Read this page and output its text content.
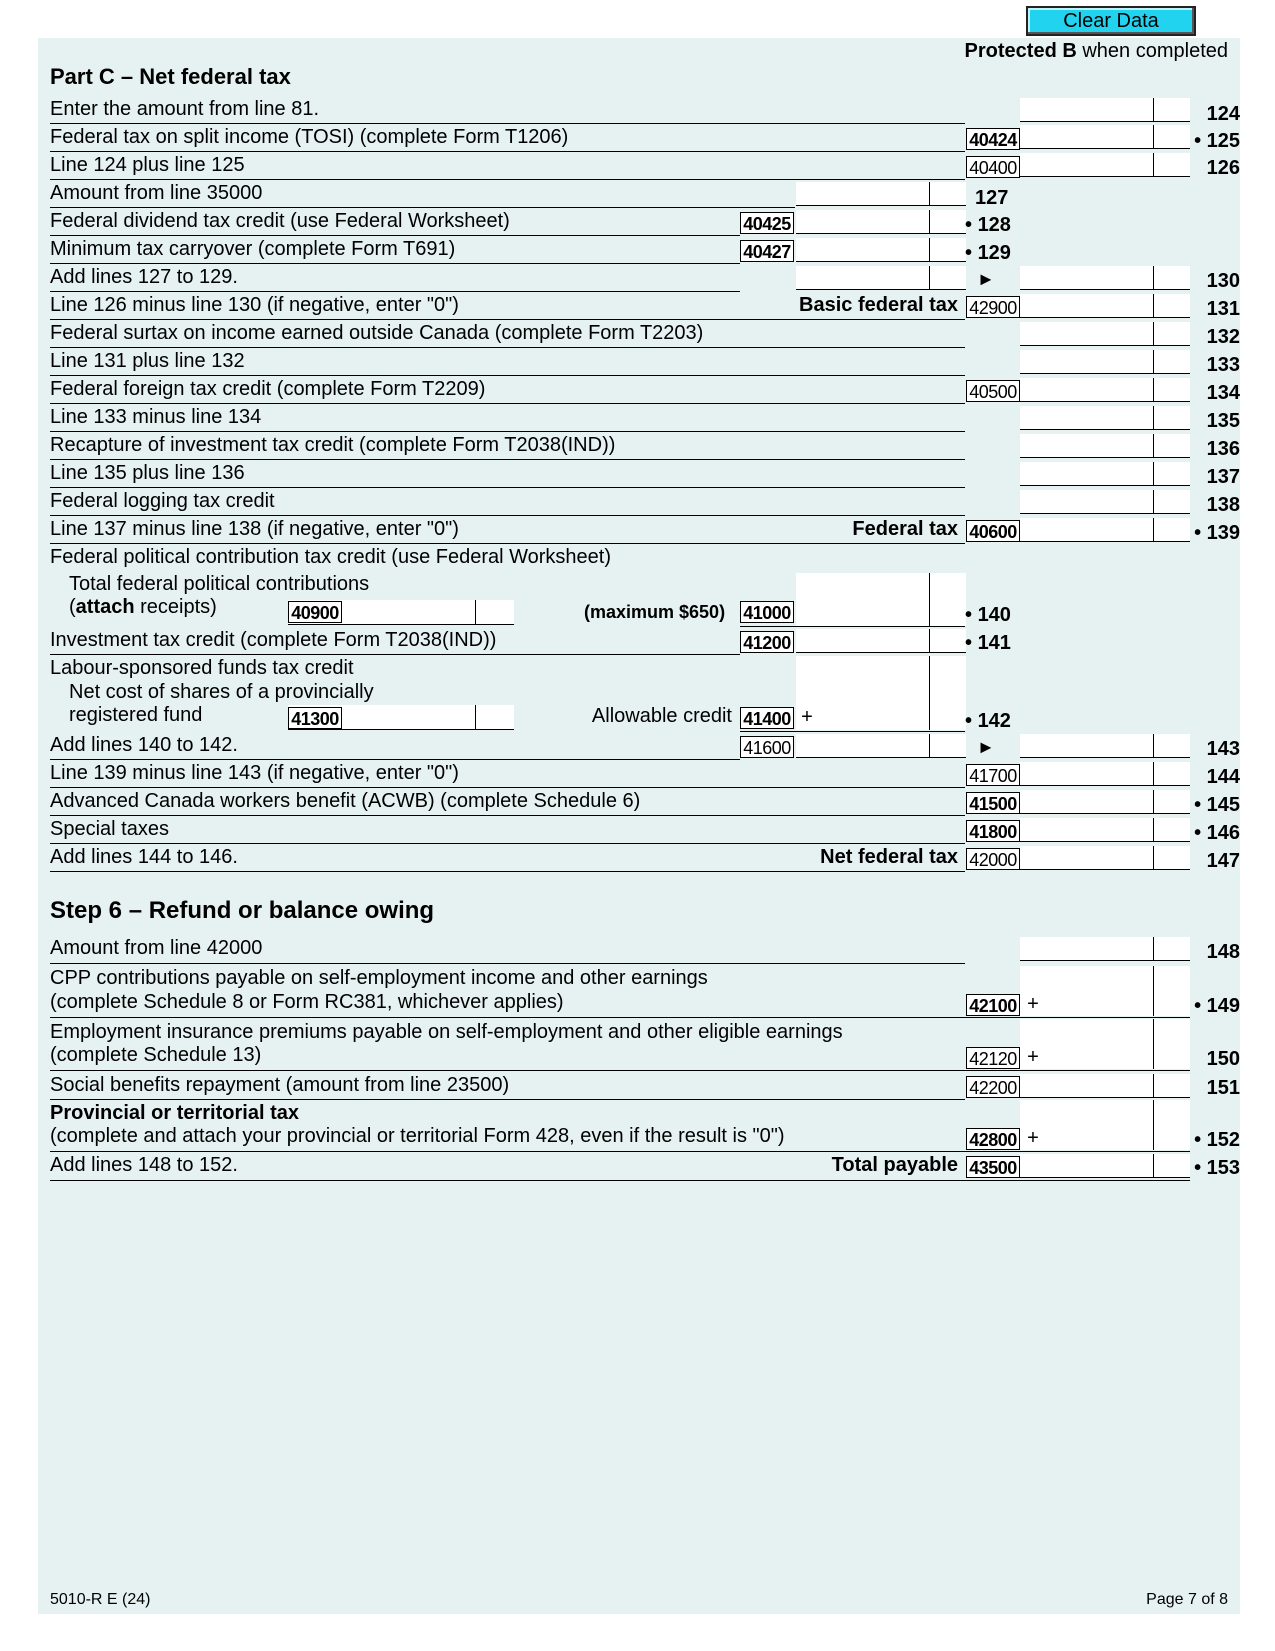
Clear Data
Protected B when completed
Part C – Net federal tax
Enter the amount from line 81.	124
Federal tax on split income (TOSI) (complete Form T1206)	40424	• 125
Line 124 plus line 125	40400	126
Amount from line 35000	127
Federal dividend tax credit (use Federal Worksheet)	40425	• 128
Minimum tax carryover (complete Form T691)	40427	• 129
Add lines 127 to 129.	►	130
Line 126 minus line 130 (if negative, enter "0")	Basic federal tax 42900	131
Federal surtax on income earned outside Canada (complete Form T2203)	132
Line 131 plus line 132	133
Federal foreign tax credit (complete Form T2209)	40500	134
Line 133 minus line 134	135
Recapture of investment tax credit (complete Form T2038(IND))	136
Line 135 plus line 136	137
Federal logging tax credit	138
Line 137 minus line 138 (if negative, enter "0")	Federal tax 40600	• 139
Federal political contribution tax credit (use Federal Worksheet)
Total federal political contributions
(attach receipts)	40900	(maximum $650) 41000	• 140
Investment tax credit (complete Form T2038(IND))	41200	• 141
Labour-sponsored funds tax credit
Net cost of shares of a provincially
registered fund	41300	Allowable credit 41400 +	• 142
Add lines 140 to 142.	41600	►	143
Line 139 minus line 143 (if negative, enter "0")	41700	144
Advanced Canada workers benefit (ACWB) (complete Schedule 6)	41500	• 145
Special taxes	41800	• 146
Add lines 144 to 146.	Net federal tax 42000	147
Step 6 – Refund or balance owing
Amount from line 42000	148
CPP contributions payable on self-employment income and other earnings
(complete Schedule 8 or Form RC381, whichever applies)	42100 +	• 149
Employment insurance premiums payable on self-employment and other eligible earnings
(complete Schedule 13)	42120 +	150
Social benefits repayment (amount from line 23500)	42200	151
Provincial or territorial tax
(complete and attach your provincial or territorial Form 428, even if the result is "0")	42800 +	• 152
Add lines 148 to 152.	Total payable 43500	• 153
5010-R E (24)	Page 7 of 8
